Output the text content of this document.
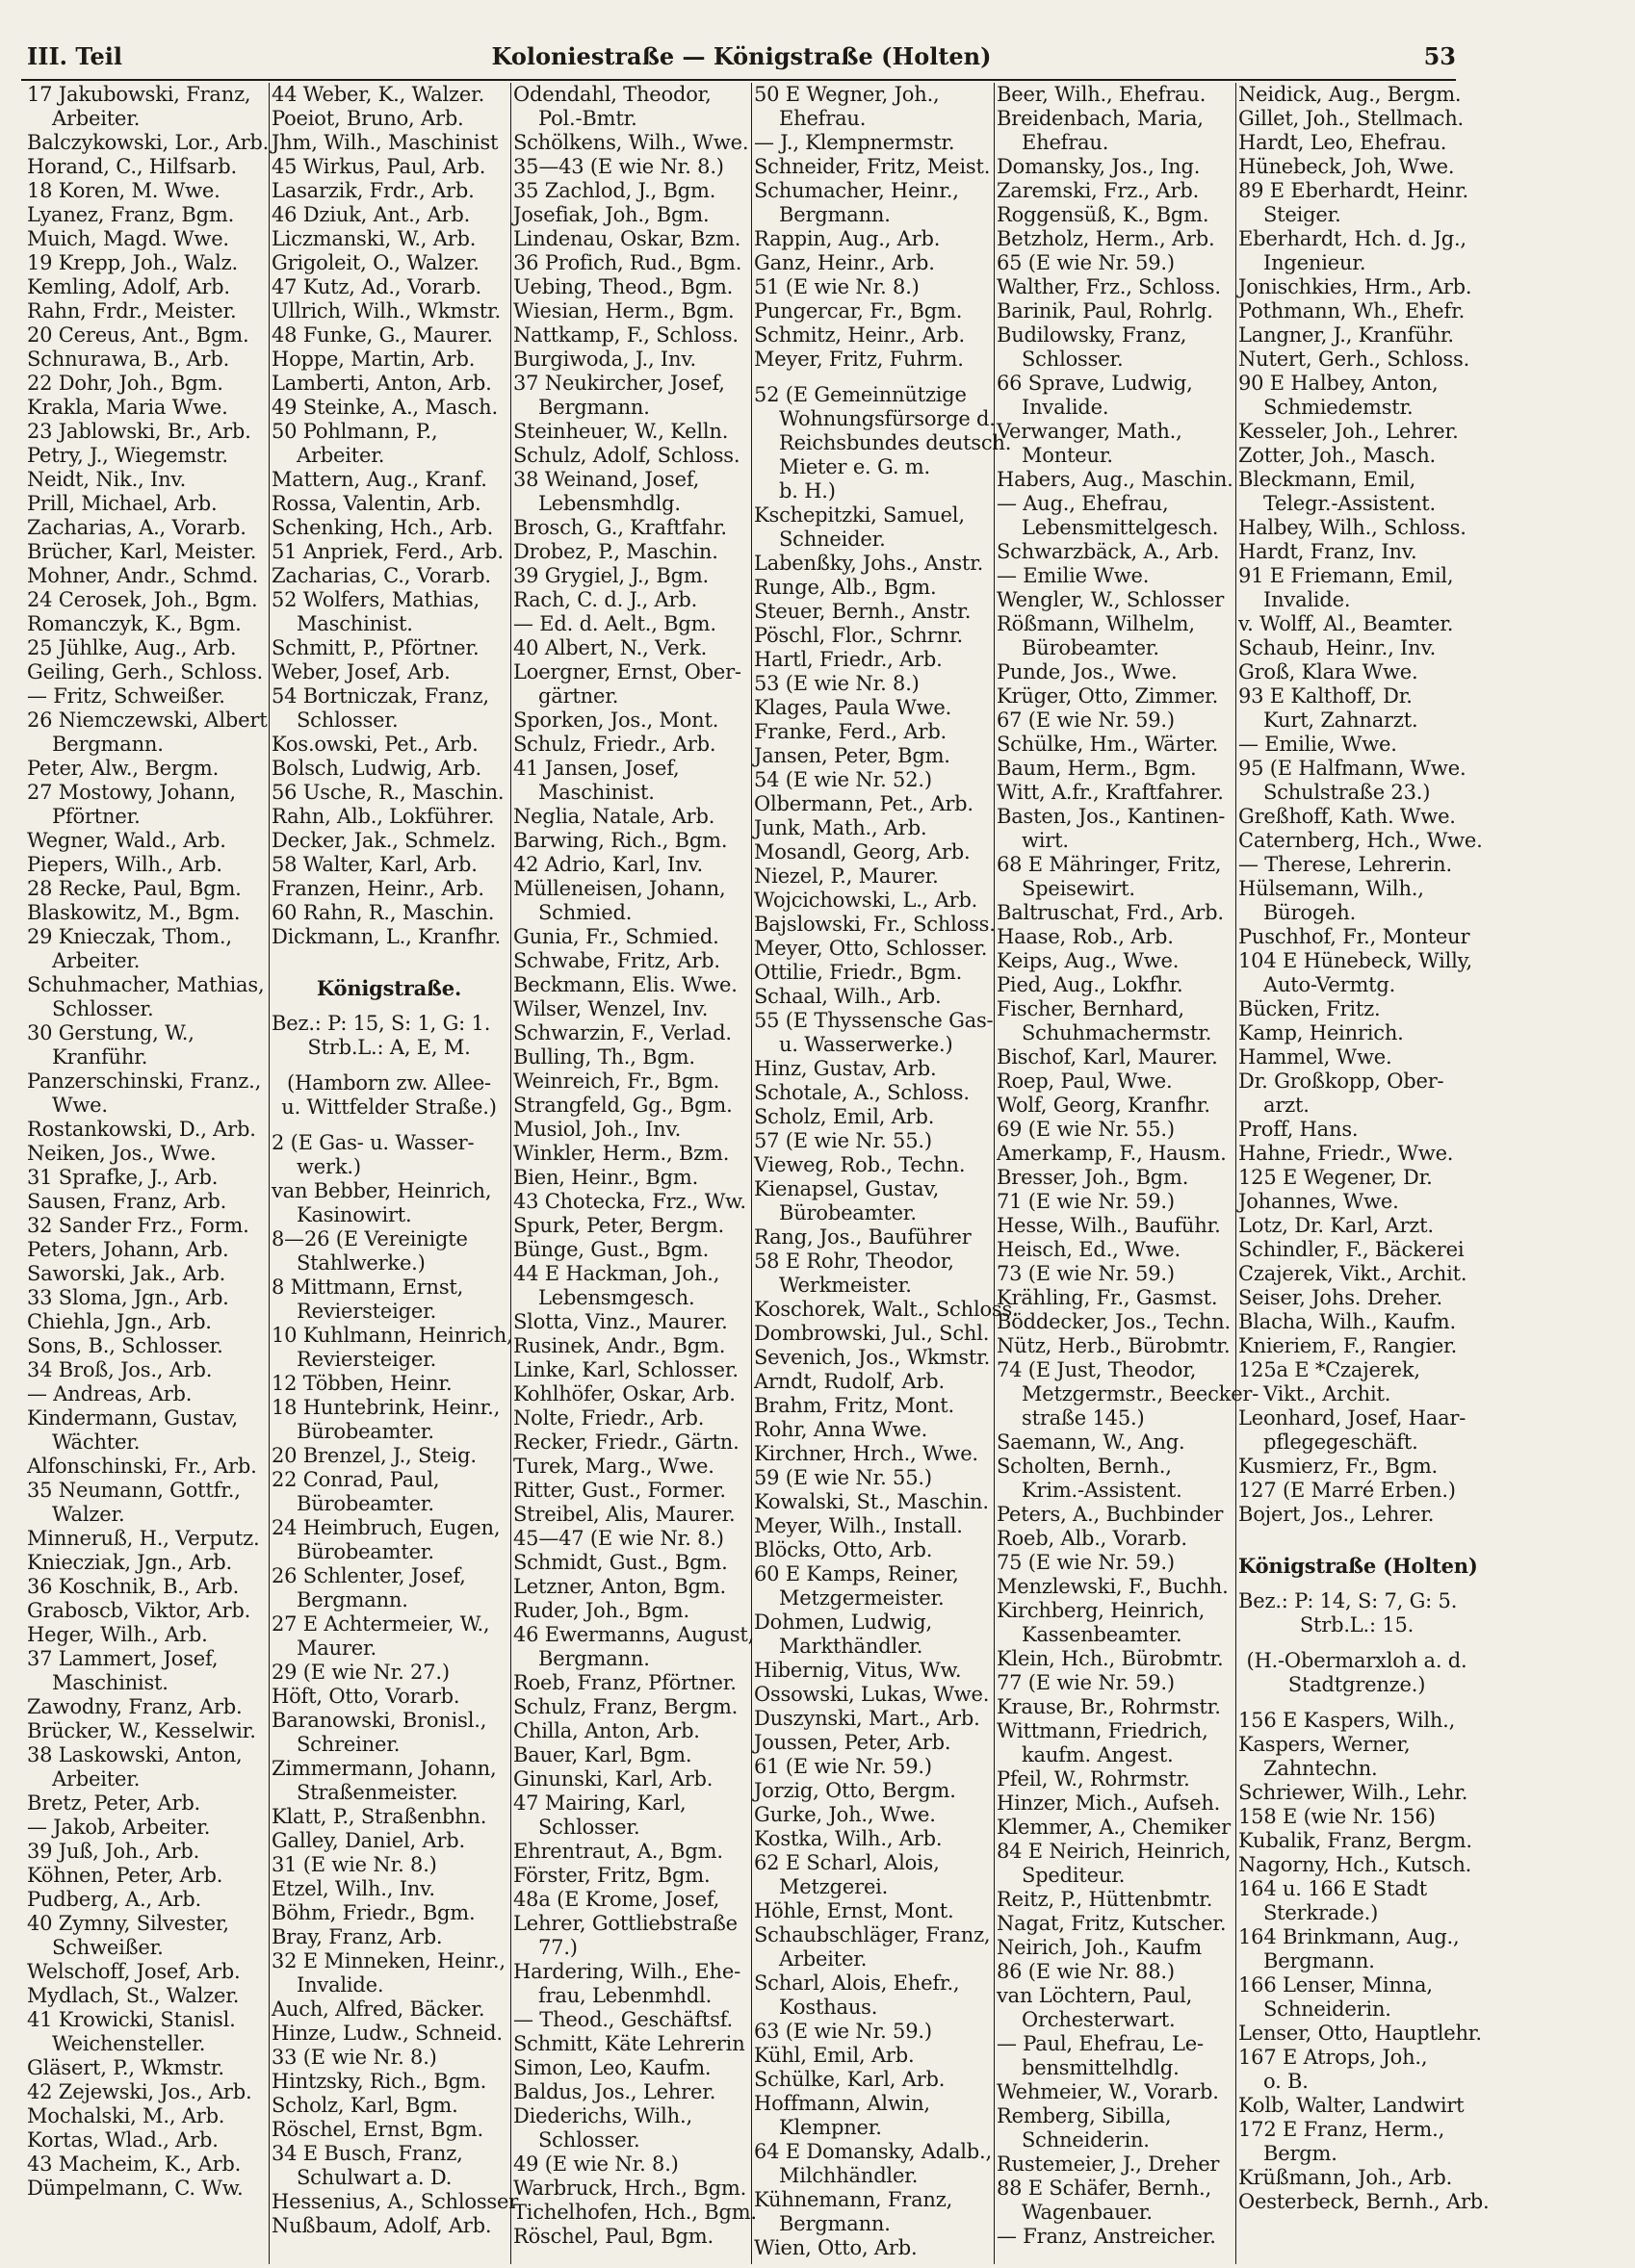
III. Teil	Koloniestraße — Königstraße (Holten)	53
17 Jakubowski, Franz,
Arbeiter.
Balczykowski, Lor., Arb.
Horand, C., Hilfsarb.
18 Koren, M. Wwe.
Lyanez, Franz, Bgm.
Muich, Magd. Wwe.
19 Krepp, Joh., Walz.
Kemling, Adolf, Arb.
Rahn, Frdr., Meister.
20 Cereus, Ant., Bgm.
Schnurawa, B., Arb.
22 Dohr, Joh., Bgm.
Krakla, Maria Wwe.
23 Jablowski, Br., Arb.
Petry, J., Wiegemstr.
Neidt, Nik., Inv.
Prill, Michael, Arb.
Zacharias, A., Vorarb.
Brücher, Karl, Meister.
Mohner, Andr., Schmd.
24 Cerosek, Joh., Bgm.
Romanczyk, K., Bgm.
25 Jühlke, Aug., Arb.
Geiling, Gerh., Schloss.
— Fritz, Schweißer.
26 Niemczewski, Albert
Bergmann.
Peter, Alw., Bergm.
27 Mostowy, Johann,
Pförtner.
Wegner, Wald., Arb.
Piepers, Wilh., Arb.
28 Recke, Paul, Bgm.
Blaskowitz, M., Bgm.
29 Knieczak, Thom.,
Arbeiter.
Schuhmacher, Mathias,
Schlosser.
30 Gerstung, W.,
Kranführ.
Panzerschinski, Franz.,
Wwe.
Rostankowski, D., Arb.
Neiken, Jos., Wwe.
31 Sprafke, J., Arb.
Sausen, Franz, Arb.
32 Sander Frz., Form.
Peters, Johann, Arb.
Saworski, Jak., Arb.
33 Sloma, Jgn., Arb.
Chiehla, Jgn., Arb.
Sons, B., Schlosser.
34 Broß, Jos., Arb.
— Andreas, Arb.
Kindermann, Gustav,
Wächter.
Alfonschinski, Fr., Arb.
35 Neumann, Gottfr.,
Walzer.
Minneruß, H., Verputz.
Kniecziak, Jgn., Arb.
36 Koschnik, B., Arb.
Graboscb, Viktor, Arb.
Heger, Wilh., Arb.
37 Lammert, Josef,
Maschinist.
Zawodny, Franz, Arb.
Brücker, W., Kesselwir.
38 Laskowski, Anton,
Arbeiter.
Bretz, Peter, Arb.
— Jakob, Arbeiter.
39 Juß, Joh., Arb.
Köhnen, Peter, Arb.
Pudberg, A., Arb.
40 Zymny, Silvester,
Schweißer.
Welschoff, Josef, Arb.
Mydlach, St., Walzer.
41 Krowicki, Stanisl.
Weichensteller.
Gläsert, P., Wkmstr.
42 Zejewski, Jos., Arb.
Mochalski, M., Arb.
Kortas, Wlad., Arb.
43 Macheim, K., Arb.
Dümpelmann, C. Ww.
44 Weber, K., Walzer.
Poeiot, Bruno, Arb.
Jhm, Wilh., Maschinist
45 Wirkus, Paul, Arb.
Lasarzik, Frdr., Arb.
46 Dziuk, Ant., Arb.
Liczmanski, W., Arb.
Grigoleit, O., Walzer.
47 Kutz, Ad., Vorarb.
Ullrich, Wilh., Wkmstr.
48 Funke, G., Maurer.
Hoppe, Martin, Arb.
Lamberti, Anton, Arb.
49 Steinke, A., Masch.
50 Pohlmann, P.,
Arbeiter.
Mattern, Aug., Kranf.
Rossa, Valentin, Arb.
Schenking, Hch., Arb.
51 Anpriek, Ferd., Arb.
Zacharias, C., Vorarb.
52 Wolfers, Mathias,
Maschinist.
Schmitt, P., Pförtner.
Weber, Josef, Arb.
54 Bortniczak, Franz,
Schlosser.
Kos.owski, Pet., Arb.
Bolsch, Ludwig, Arb.
56 Usche, R., Maschin.
Rahn, Alb., Lokführer.
Decker, Jak., Schmelz.
58 Walter, Karl, Arb.
Franzen, Heinr., Arb.
60 Rahn, R., Maschin.
Dickmann, L., Kranfhr.
Königstraße.
Bez.: P: 15, S: 1, G: 1.
Strb.L.: A, E, M.
(Hamborn zw. Allee-
u. Wittfelder Straße.)
2 (E Gas- u. Wasser-
werk.)
van Bebber, Heinrich,
Kasinowirt.
8—26 (E Vereinigte
Stahlwerke.)
8 Mittmann, Ernst,
Reviersteiger.
10 Kuhlmann, Heinrich,
Reviersteiger.
12 Többen, Heinr.
18 Huntebrink, Heinr.,
Bürobeamter.
20 Brenzel, J., Steig.
22 Conrad, Paul,
Bürobeamter.
24 Heimbruch, Eugen,
Bürobeamter.
26 Schlenter, Josef,
Bergmann.
27 E Achtermeier, W.,
Maurer.
29 (E wie Nr. 27.)
Höft, Otto, Vorarb.
Baranowski, Bronisl.,
Schreiner.
Zimmermann, Johann,
Straßenmeister.
Klatt, P., Straßenbhn.
Galley, Daniel, Arb.
31 (E wie Nr. 8.)
Etzel, Wilh., Inv.
Böhm, Friedr., Bgm.
Bray, Franz, Arb.
32 E Minneken, Heinr.,
Invalide.
Auch, Alfred, Bäcker.
Hinze, Ludw., Schneid.
33 (E wie Nr. 8.)
Hintzsky, Rich., Bgm.
Scholz, Karl, Bgm.
Röschel, Ernst, Bgm.
34 E Busch, Franz,
Schulwart a. D.
Hessenius, A., Schlosser
Nußbaum, Adolf, Arb.
Odendahl, Theodor,
Pol.-Bmtr.
Schölkens, Wilh., Wwe.
35—43 (E wie Nr. 8.)
35 Zachlod, J., Bgm.
Josefiak, Joh., Bgm.
Lindenau, Oskar, Bzm.
36 Profich, Rud., Bgm.
Uebing, Theod., Bgm.
Wiesian, Herm., Bgm.
Nattkamp, F., Schloss.
Burgiwoda, J., Inv.
37 Neukircher, Josef,
Bergmann.
Steinheuer, W., Kelln.
Schulz, Adolf, Schloss.
38 Weinand, Josef,
Lebensmhdlg.
Brosch, G., Kraftfahr.
Drobez, P., Maschin.
39 Grygiel, J., Bgm.
Rach, C. d. J., Arb.
— Ed. d. Aelt., Bgm.
40 Albert, N., Verk.
Loergner, Ernst, Ober-
gärtner.
Sporken, Jos., Mont.
Schulz, Friedr., Arb.
41 Jansen, Josef,
Maschinist.
Neglia, Natale, Arb.
Barwing, Rich., Bgm.
42 Adrio, Karl, Inv.
Mülleneisen, Johann,
Schmied.
Gunia, Fr., Schmied.
Schwabe, Fritz, Arb.
Beckmann, Elis. Wwe.
Wilser, Wenzel, Inv.
Schwarzin, F., Verlad.
Bulling, Th., Bgm.
Weinreich, Fr., Bgm.
Strangfeld, Gg., Bgm.
Musiol, Joh., Inv.
Winkler, Herm., Bzm.
Bien, Heinr., Bgm.
43 Chotecka, Frz., Ww.
Spurk, Peter, Bergm.
Bünge, Gust., Bgm.
44 E Hackman, Joh.,
Lebensmgesch.
Slotta, Vinz., Maurer.
Rusinek, Andr., Bgm.
Linke, Karl, Schlosser.
Kohlhöfer, Oskar, Arb.
Nolte, Friedr., Arb.
Recker, Friedr., Gärtn.
Turek, Marg., Wwe.
Ritter, Gust., Former.
Streibel, Alis, Maurer.
45—47 (E wie Nr. 8.)
Schmidt, Gust., Bgm.
Letzner, Anton, Bgm.
Ruder, Joh., Bgm.
46 Ewermanns, August,
Bergmann.
Roeb, Franz, Pförtner.
Schulz, Franz, Bergm.
Chilla, Anton, Arb.
Bauer, Karl, Bgm.
Ginunski, Karl, Arb.
47 Mairing, Karl,
Schlosser.
Ehrentraut, A., Bgm.
Förster, Fritz, Bgm.
48a (E Krome, Josef,
Lehrer, Gottliebstraße
77.)
Hardering, Wilh., Ehe-
frau, Lebenmhdl.
— Theod., Geschäftsf.
Schmitt, Käte Lehrerin
Simon, Leo, Kaufm.
Baldus, Jos., Lehrer.
Diederichs, Wilh.,
Schlosser.
49 (E wie Nr. 8.)
Warbruck, Hrch., Bgm.
Tichelhofen, Hch., Bgm.
Röschel, Paul, Bgm.
50 E Wegner, Joh.,
Ehefrau.
— J., Klempnermstr.
Schneider, Fritz, Meist.
Schumacher, Heinr.,
Bergmann.
Rappin, Aug., Arb.
Ganz, Heinr., Arb.
51 (E wie Nr. 8.)
Pungercar, Fr., Bgm.
Schmitz, Heinr., Arb.
Meyer, Fritz, Fuhrm.
52 (E Gemeinnützige
Wohnungsfürsorge d.
Reichsbundes deutsch.
Mieter e. G. m.
b. H.)
Kschepitzki, Samuel,
Schneider.
Labenßky, Johs., Anstr.
Runge, Alb., Bgm.
Steuer, Bernh., Anstr.
Pöschl, Flor., Schrnr.
Hartl, Friedr., Arb.
53 (E wie Nr. 8.)
Klages, Paula Wwe.
Franke, Ferd., Arb.
Jansen, Peter, Bgm.
54 (E wie Nr. 52.)
Olbermann, Pet., Arb.
Junk, Math., Arb.
Mosandl, Georg, Arb.
Niezel, P., Maurer.
Wojcichowski, L., Arb.
Bajslowski, Fr., Schloss.
Meyer, Otto, Schlosser.
Ottilie, Friedr., Bgm.
Schaal, Wilh., Arb.
55 (E Thyssensche Gas-
u. Wasserwerke.)
Hinz, Gustav, Arb.
Schotale, A., Schloss.
Scholz, Emil, Arb.
57 (E wie Nr. 55.)
Vieweg, Rob., Techn.
Kienapsel, Gustav,
Bürobeamter.
Rang, Jos., Bauführer
58 E Rohr, Theodor,
Werkmeister.
Koschorek, Walt., Schloss.
Dombrowski, Jul., Schl.
Sevenich, Jos., Wkmstr.
Arndt, Rudolf, Arb.
Brahm, Fritz, Mont.
Rohr, Anna Wwe.
Kirchner, Hrch., Wwe.
59 (E wie Nr. 55.)
Kowalski, St., Maschin.
Meyer, Wilh., Install.
Blöcks, Otto, Arb.
60 E Kamps, Reiner,
Metzgermeister.
Dohmen, Ludwig,
Markthändler.
Hibernig, Vitus, Ww.
Ossowski, Lukas, Wwe.
Duszynski, Mart., Arb.
Joussen, Peter, Arb.
61 (E wie Nr. 59.)
Jorzig, Otto, Bergm.
Gurke, Joh., Wwe.
Kostka, Wilh., Arb.
62 E Scharl, Alois,
Metzgerei.
Höhle, Ernst, Mont.
Schaubschläger, Franz,
Arbeiter.
Scharl, Alois, Ehefr.,
Kosthaus.
63 (E wie Nr. 59.)
Kühl, Emil, Arb.
Schülke, Karl, Arb.
Hoffmann, Alwin,
Klempner.
64 E Domansky, Adalb.,
Milchhändler.
Kühnemann, Franz,
Bergmann.
Wien, Otto, Arb.
Beer, Wilh., Ehefrau.
Breidenbach, Maria,
Ehefrau.
Domansky, Jos., Ing.
Zaremski, Frz., Arb.
Roggensüß, K., Bgm.
Betzholz, Herm., Arb.
65 (E wie Nr. 59.)
Walther, Frz., Schloss.
Barinik, Paul, Rohrlg.
Budilowsky, Franz,
Schlosser.
66 Sprave, Ludwig,
Invalide.
Verwanger, Math.,
Monteur.
Habers, Aug., Maschin.
— Aug., Ehefrau,
Lebensmittelgesch.
Schwarzbäck, A., Arb.
— Emilie Wwe.
Wengler, W., Schlosser
Rößmann, Wilhelm,
Bürobeamter.
Punde, Jos., Wwe.
Krüger, Otto, Zimmer.
67 (E wie Nr. 59.)
Schülke, Hm., Wärter.
Baum, Herm., Bgm.
Witt, A.fr., Kraftfahrer.
Basten, Jos., Kantinen-
wirt.
68 E Mähringer, Fritz,
Speisewirt.
Baltruschat, Frd., Arb.
Haase, Rob., Arb.
Keips, Aug., Wwe.
Pied, Aug., Lokfhr.
Fischer, Bernhard,
Schuhmachermstr.
Bischof, Karl, Maurer.
Roep, Paul, Wwe.
Wolf, Georg, Kranfhr.
69 (E wie Nr. 55.)
Amerkamp, F., Hausm.
Bresser, Joh., Bgm.
71 (E wie Nr. 59.)
Hesse, Wilh., Bauführ.
Heisch, Ed., Wwe.
73 (E wie Nr. 59.)
Krähling, Fr., Gasmst.
Böddecker, Jos., Techn.
Nütz, Herb., Bürobmtr.
74 (E Just, Theodor,
Metzgermstr., Beecker-
straße 145.)
Saemann, W., Ang.
Scholten, Bernh.,
Krim.-Assistent.
Peters, A., Buchbinder
Roeb, Alb., Vorarb.
75 (E wie Nr. 59.)
Menzlewski, F., Buchh.
Kirchberg, Heinrich,
Kassenbeamter.
Klein, Hch., Bürobmtr.
77 (E wie Nr. 59.)
Krause, Br., Rohrmstr.
Wittmann, Friedrich,
kaufm. Angest.
Pfeil, W., Rohrmstr.
Hinzer, Mich., Aufseh.
Klemmer, A., Chemiker
84 E Neirich, Heinrich,
Spediteur.
Reitz, P., Hüttenbmtr.
Nagat, Fritz, Kutscher.
Neirich, Joh., Kaufm
86 (E wie Nr. 88.)
van Löchtern, Paul,
Orchesterwart.
— Paul, Ehefrau, Le-
bensmittelhdlg.
Wehmeier, W., Vorarb.
Remberg, Sibilla,
Schneiderin.
Rustemeier, J., Dreher
88 E Schäfer, Bernh.,
Wagenbauer.
— Franz, Anstreicher.
Neidick, Aug., Bergm.
Gillet, Joh., Stellmach.
Hardt, Leo, Ehefrau.
Hünebeck, Joh, Wwe.
89 E Eberhardt, Heinr.
Steiger.
Eberhardt, Hch. d. Jg.,
Ingenieur.
Jonischkies, Hrm., Arb.
Pothmann, Wh., Ehefr.
Langner, J., Kranführ.
Nutert, Gerh., Schloss.
90 E Halbey, Anton,
Schmiedemstr.
Kesseler, Joh., Lehrer.
Zotter, Joh., Masch.
Bleckmann, Emil,
Telegr.-Assistent.
Halbey, Wilh., Schloss.
Hardt, Franz, Inv.
91 E Friemann, Emil,
Invalide.
v. Wolff, Al., Beamter.
Schaub, Heinr., Inv.
Groß, Klara Wwe.
93 E Kalthoff, Dr.
Kurt, Zahnarzt.
— Emilie, Wwe.
95 (E Halfmann, Wwe.
Schulstraße 23.)
Greßhoff, Kath. Wwe.
Caternberg, Hch., Wwe.
— Therese, Lehrerin.
Hülsemann, Wilh.,
Bürogeh.
Puschhof, Fr., Monteur
104 E Hünebeck, Willy,
Auto-Vermtg.
Bücken, Fritz.
Kamp, Heinrich.
Hammel, Wwe.
Dr. Großkopp, Ober-
arzt.
Proff, Hans.
Hahne, Friedr., Wwe.
125 E Wegener, Dr.
Johannes, Wwe.
Lotz, Dr. Karl, Arzt.
Schindler, F., Bäckerei
Czajerek, Vikt., Archit.
Seiser, Johs. Dreher.
Blacha, Wilh., Kaufm.
Knieriem, F., Rangier.
125a E *Czajerek,
Vikt., Archit.
Leonhard, Josef, Haar-
pflegegeschäft.
Kusmierz, Fr., Bgm.
127 (E Marré Erben.)
Bojert, Jos., Lehrer.
Königstraße (Holten)
Bez.: P: 14, S: 7, G: 5.
Strb.L.: 15.
(H.-Obermarxloh a. d.
Stadtgrenze.)
156 E Kaspers, Wilh.,
Kaspers, Werner,
Zahntechn.
Schriewer, Wilh., Lehr.
158 E (wie Nr. 156)
Kubalik, Franz, Bergm.
Nagorny, Hch., Kutsch.
164 u. 166 E Stadt
Sterkrade.)
164 Brinkmann, Aug.,
Bergmann.
166 Lenser, Minna,
Schneiderin.
Lenser, Otto, Hauptlehr.
167 E Atrops, Joh.,
o. B.
Kolb, Walter, Landwirt
172 E Franz, Herm.,
Bergm.
Krüßmann, Joh., Arb.
Oesterbeck, Bernh., Arb.
